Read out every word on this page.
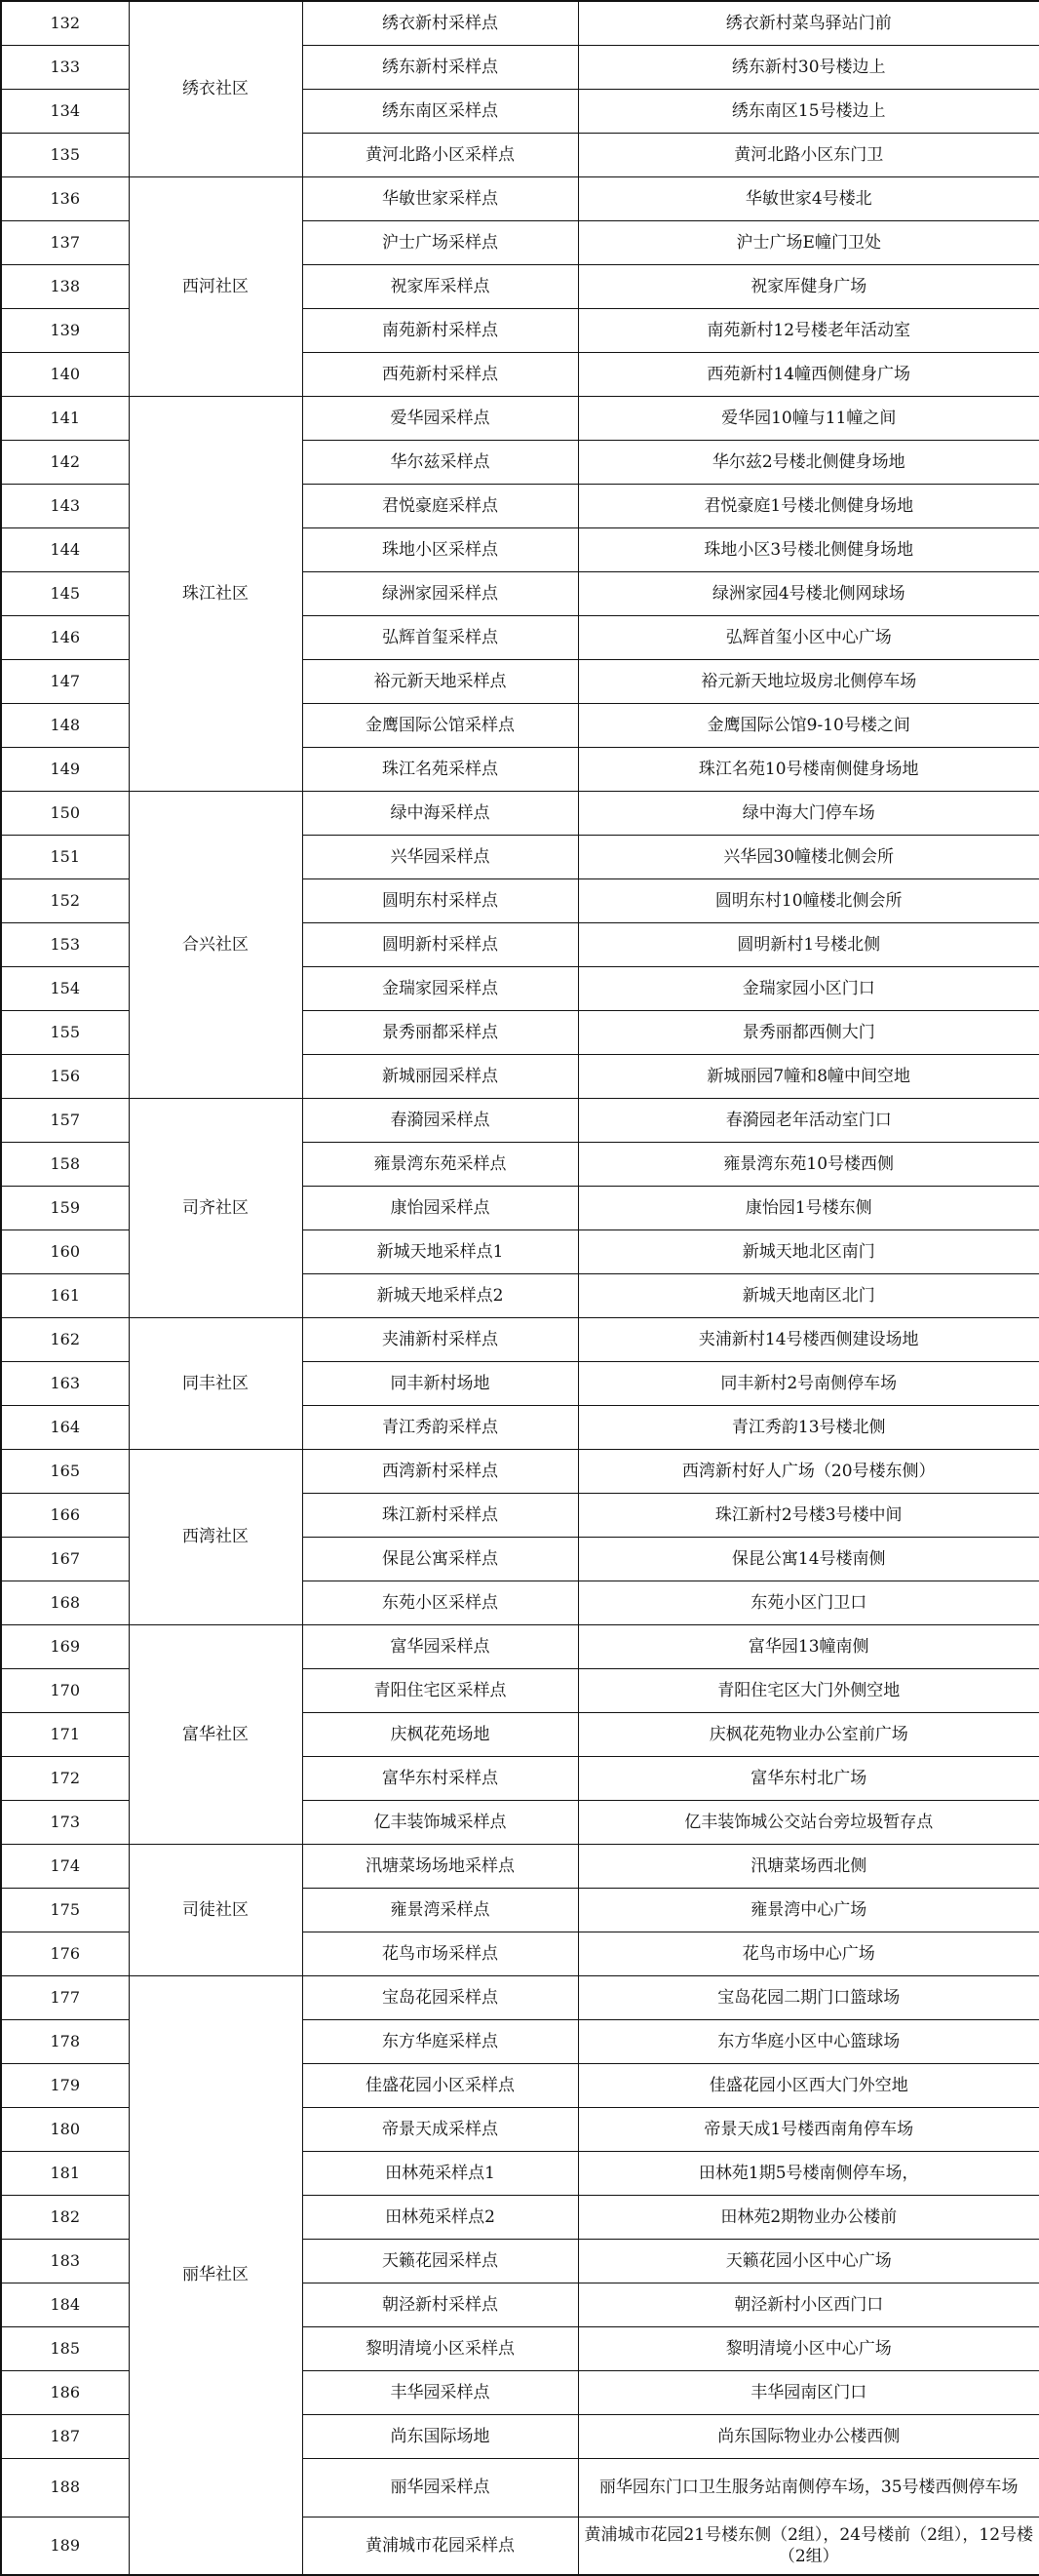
132	绣衣社区	绣衣新村采样点	绣衣新村菜鸟驿站门前
133		绣东新村采样点	绣东新村30号楼边上
134		绣东南区采样点	绣东南区15号楼边上
135		黄河北路小区采样点	黄河北路小区东门卫
136	西河社区	华敏世家采样点	华敏世家4号楼北
137		沪士广场采样点	沪士广场E幢门卫处
138		祝家厍采样点	祝家厍健身广场
139		南苑新村采样点	南苑新村12号楼老年活动室
140		西苑新村采样点	西苑新村14幢西侧健身广场
141	珠江社区	爱华园采样点	爱华园10幢与11幢之间
142		华尔兹采样点	华尔兹2号楼北侧健身场地
143		君悦豪庭采样点	君悦豪庭1号楼北侧健身场地
144		珠地小区采样点	珠地小区3号楼北侧健身场地
145		绿洲家园采样点	绿洲家园4号楼北侧网球场
146		弘辉首玺采样点	弘辉首玺小区中心广场
147		裕元新天地采样点	裕元新天地垃圾房北侧停车场
148		金鹰国际公馆采样点	金鹰国际公馆9-10号楼之间
149		珠江名苑采样点	珠江名苑10号楼南侧健身场地
150	合兴社区	绿中海采样点	绿中海大门停车场
151		兴华园采样点	兴华园30幢楼北侧会所
152		圆明东村采样点	圆明东村10幢楼北侧会所
153		圆明新村采样点	圆明新村1号楼北侧
154		金瑞家园采样点	金瑞家园小区门口
155		景秀丽都采样点	景秀丽都西侧大门
156		新城丽园采样点	新城丽园7幢和8幢中间空地
157	司齐社区	春漪园采样点	春漪园老年活动室门口
158		雍景湾东苑采样点	雍景湾东苑10号楼西侧
159		康怡园采样点	康怡园1号楼东侧
160		新城天地采样点1	新城天地北区南门
161		新城天地采样点2	新城天地南区北门
162	同丰社区	夹浦新村采样点	夹浦新村14号楼西侧建设场地
163		同丰新村场地	同丰新村2号南侧停车场
164		青江秀韵采样点	青江秀韵13号楼北侧
165	西湾社区	西湾新村采样点	西湾新村好人广场（20号楼东侧）
166		珠江新村采样点	珠江新村2号楼3号楼中间
167		保昆公寓采样点	保昆公寓14号楼南侧
168		东苑小区采样点	东苑小区门卫口
169	富华社区	富华园采样点	富华园13幢南侧
170		青阳住宅区采样点	青阳住宅区大门外侧空地
171		庆枫花苑场地	庆枫花苑物业办公室前广场
172		富华东村采样点	富华东村北广场
173		亿丰装饰城采样点	亿丰装饰城公交站台旁垃圾暂存点
174	司徒社区	汛塘菜场场地采样点	汛塘菜场西北侧
175		雍景湾采样点	雍景湾中心广场
176		花鸟市场采样点	花鸟市场中心广场
177	丽华社区	宝岛花园采样点	宝岛花园二期门口篮球场
178		东方华庭采样点	东方华庭小区中心篮球场
179		佳盛花园小区采样点	佳盛花园小区西大门外空地
180		帝景天成采样点	帝景天成1号楼西南角停车场
181		田林苑采样点1	田林苑1期5号楼南侧停车场，
182		田林苑采样点2	田林苑2期物业办公楼前
183		天籁花园采样点	天籁花园小区中心广场
184		朝泾新村采样点	朝泾新村小区西门口
185		黎明清境小区采样点	黎明清境小区中心广场
186		丰华园采样点	丰华园南区门口
187		尚东国际场地	尚东国际物业办公楼西侧
188		丽华园采样点	丽华园东门口卫生服务站南侧停车场，35号楼西侧停车场
189		黄浦城市花园采样点	黄浦城市花园21号楼东侧（2组），24号楼前（2组），12号楼（2组）
